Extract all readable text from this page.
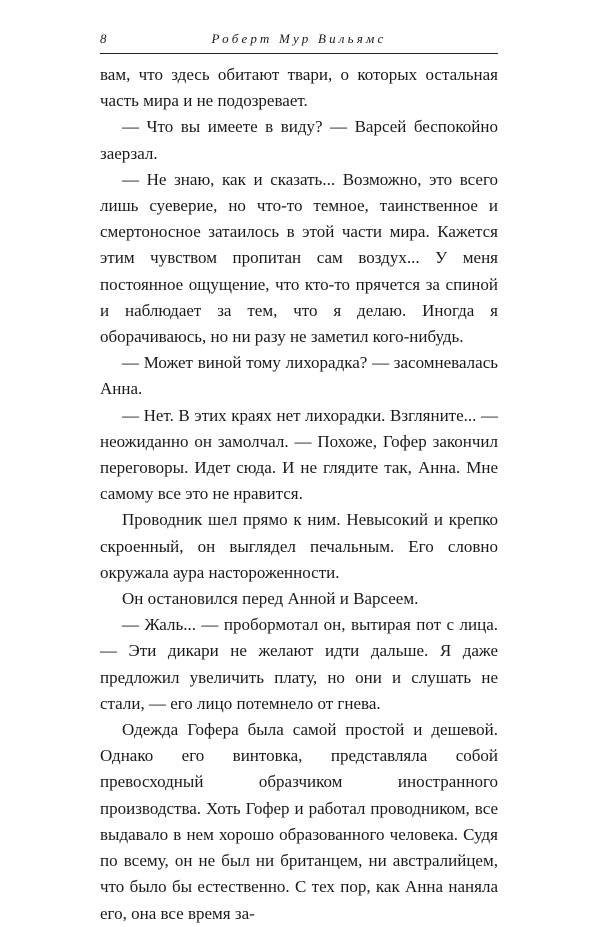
8	Роберт Мур Вильямс

вам, что здесь обитают твари, о которых остальная часть мира и не подозревает.

— Что вы имеете в виду? — Варсей беспокойно заерзал.

— Не знаю, как и сказать... Возможно, это всего лишь суеверие, но что-то темное, таинственное и смертоносное затаилось в этой части мира. Кажется этим чувством пропитан сам воздух... У меня постоянное ощущение, что кто-то прячется за спиной и наблюдает за тем, что я делаю. Иногда я оборачиваюсь, но ни разу не заметил кого-нибудь.

— Может виной тому лихорадка? — засомневалась Анна.

— Нет. В этих краях нет лихорадки. Взгляните... — неожиданно он замолчал. — Похоже, Гофер закончил переговоры. Идет сюда. И не глядите так, Анна. Мне самому все это не нравится.

Проводник шел прямо к ним. Невысокий и крепко скроенный, он выглядел печальным. Его словно окружала аура настороженности.

Он остановился перед Анной и Варсеем.

— Жаль... — пробормотал он, вытирая пот с лица. — Эти дикари не желают идти дальше. Я даже предложил увеличить плату, но они и слушать не стали, — его лицо потемнело от гнева.

Одежда Гофера была самой простой и дешевой. Однако его винтовка, представляла собой превосходный образчиком иностранного производства. Хоть Гофер и работал проводником, все выдавало в нем хорошо образованного человека. Судя по всему, он не был ни британцем, ни австралийцем, что было бы естественно. С тех пор, как Анна наняла его, она все время за-
